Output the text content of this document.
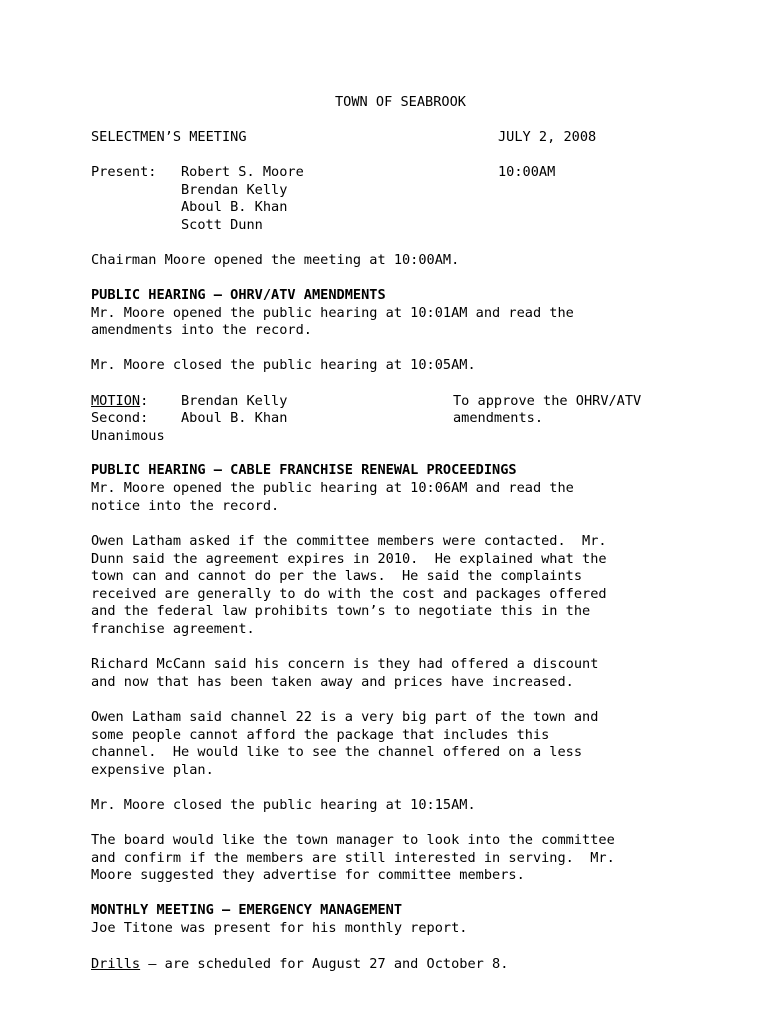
TOWN OF SEABROOK
SELECTMEN’S MEETING	JULY 2, 2008
Present: Robert S. Moore	10:00AM
Brendan Kelly
Aboul B. Khan
Scott Dunn
Chairman Moore opened the meeting at 10:00AM.
PUBLIC HEARING – OHRV/ATV AMENDMENTS
Mr. Moore opened the public hearing at 10:01AM and read the
amendments into the record.
Mr. Moore closed the public hearing at 10:05AM.
MOTION: Brendan Kelly	To approve the OHRV/ATV
Second: Aboul B. Khan	amendments.
Unanimous
PUBLIC HEARING – CABLE FRANCHISE RENEWAL PROCEEDINGS
Mr. Moore opened the public hearing at 10:06AM and read the
notice into the record.
Owen Latham asked if the committee members were contacted.  Mr.
Dunn said the agreement expires in 2010.  He explained what the
town can and cannot do per the laws.  He said the complaints
received are generally to do with the cost and packages offered
and the federal law prohibits town’s to negotiate this in the
franchise agreement.
Richard McCann said his concern is they had offered a discount
and now that has been taken away and prices have increased.
Owen Latham said channel 22 is a very big part of the town and
some people cannot afford the package that includes this
channel.  He would like to see the channel offered on a less
expensive plan.
Mr. Moore closed the public hearing at 10:15AM.
The board would like the town manager to look into the committee
and confirm if the members are still interested in serving.  Mr.
Moore suggested they advertise for committee members.
MONTHLY MEETING – EMERGENCY MANAGEMENT
Joe Titone was present for his monthly report.
Drills – are scheduled for August 27 and October 8.
